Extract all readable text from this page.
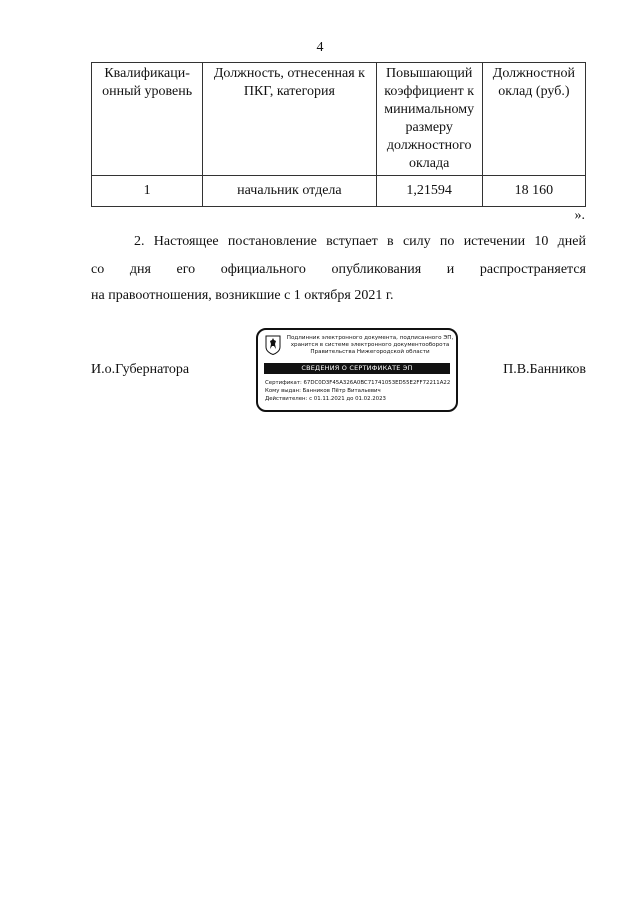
4
Квалификаци-онный уровень	Должность, отнесенная к ПКГ, категория	Повышающий коэффициент к минимальному размеру должностного оклада	Должностной оклад (руб.)
1	начальник отдела	1,21594	18 160
».
2. Настоящее постановление вступает в силу по истечении 10 дней
со дня его официального опубликования и распространяется
на правоотношения, возникшие с 1 октября 2021 г.
И.о.Губернатора
Подлинник электронного документа, подписанного ЭП,
хранится в системе электронного документооборота
Правительства Нижегородской области
СВЕДЕНИЯ О СЕРТИФИКАТЕ ЭП
Сертификат: 67DC0D3F45A326A0BC71741053ED55E2FF72211A22
Кому выдан: Банников Пётр Витальевич
Действителен: с 01.11.2021 до 01.02.2023
П.В.Банников
